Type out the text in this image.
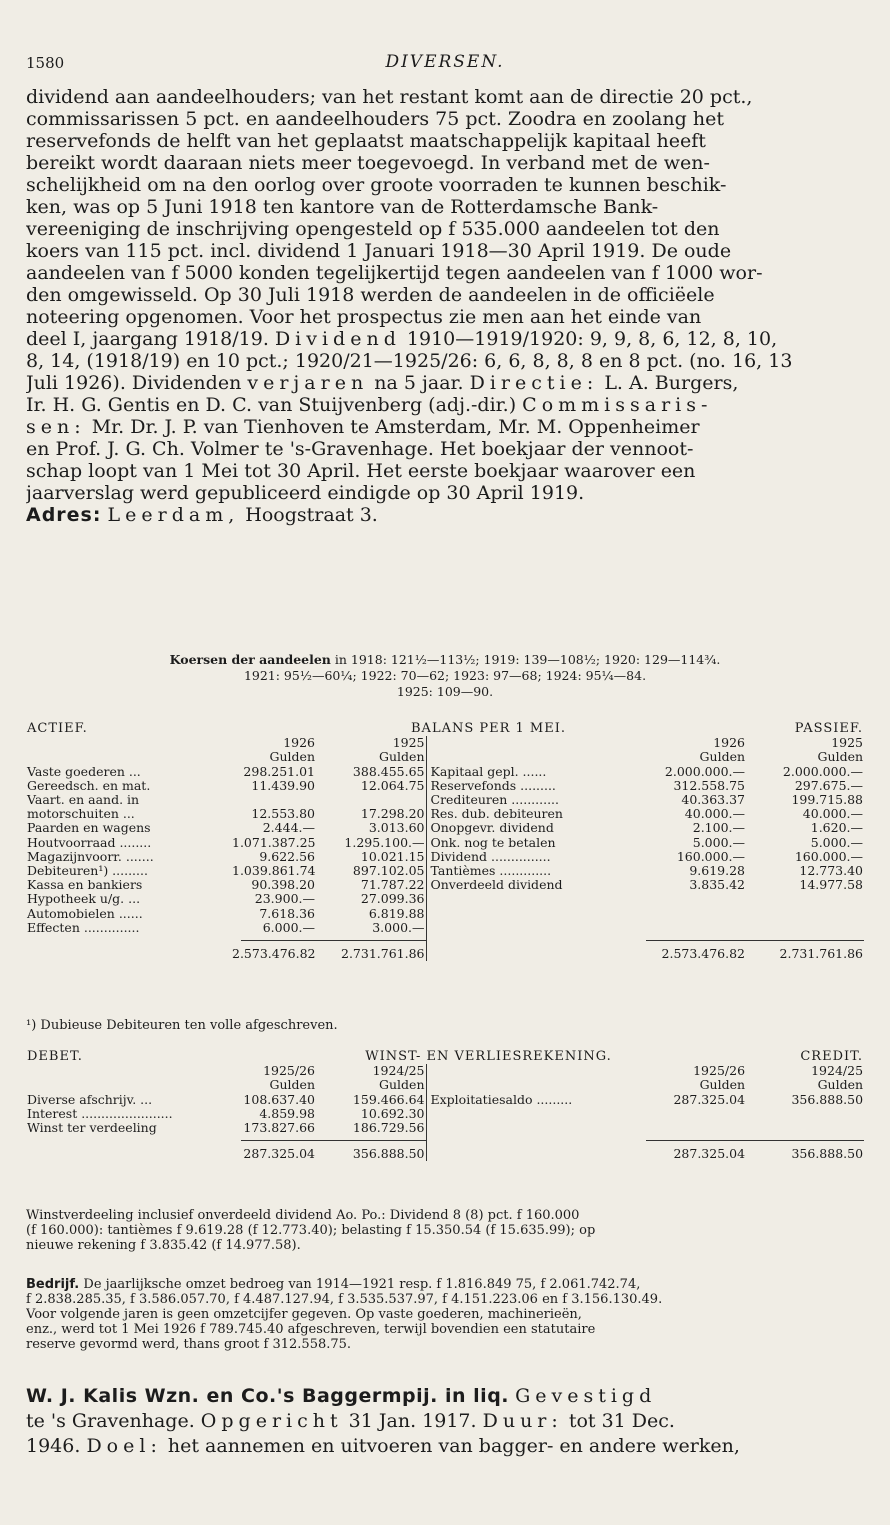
1580	DIVERSEN.
dividend aan aandeelhouders; van het restant komt aan de directie 20 pct.,
commissarissen 5 pct. en aandeelhouders 75 pct. Zoodra en zoolang het
reservefonds de helft van het geplaatst maatschappelijk kapitaal heeft
bereikt wordt daaraan niets meer toegevoegd. In verband met de wen-
schelijkheid om na den oorlog over groote voorraden te kunnen beschik-
ken, was op 5 Juni 1918 ten kantore van de Rotterdamsche Bank-
vereeniging de inschrijving opengesteld op f 535.000 aandeelen tot den
koers van 115 pct. incl. dividend 1 Januari 1918—30 April 1919. De oude
aandeelen van f 5000 konden tegelijkertijd tegen aandeelen van f 1000 wor-
den omgewisseld. Op 30 Juli 1918 werden de aandeelen in de officiëele
noteering opgenomen. Voor het prospectus zie men aan het einde van
deel I, jaargang 1918/19. Dividend 1910—1919/1920: 9, 9, 8, 6, 12, 8, 10,
8, 14, (1918/19) en 10 pct.; 1920/21—1925/26: 6, 6, 8, 8, 8 en 8 pct. (no. 16, 13
Juli 1926). Dividenden verjaren na 5 jaar. Directie: L. A. Burgers,
Ir. H. G. Gentis en D. C. van Stuijvenberg (adj.-dir.) Commissaris-
sen: Mr. Dr. J. P. van Tienhoven te Amsterdam, Mr. M. Oppenheimer
en Prof. J. G. Ch. Volmer te 's-Gravenhage. Het boekjaar der vennoot-
schap loopt van 1 Mei tot 30 April. Het eerste boekjaar waarover een
jaarverslag werd gepubliceerd eindigde op 30 April 1919.
Adres: Leerdam, Hoogstraat 3.
Koersen der aandeelen in 1918: 121½—113½; 1919: 139—108½; 1920: 129—114¾.
1921: 95½—60¼; 1922: 70—62; 1923: 97—68; 1924: 95¼—84.
1925: 109—90.
ACTIEF.	BALANS PER 1 MEI.				PASSIEF.
	1926	1925		1926	1925
	Gulden	Gulden		Gulden	Gulden
Vaste goederen ...	298.251.01	388.455.65	Kapitaal gepl. ......	2.000.000.—	2.000.000.—
Gereedsch. en mat.	11.439.90	12.064.75	Reservefonds .........	312.558.75	297.675.—
Vaart. en aand. in			Crediteuren ............	40.363.37	199.715.88
motorschuiten ...	12.553.80	17.298.20	Res. dub. debiteuren	40.000.—	40.000.—
Paarden en wagens	2.444.—	3.013.60	Onopgevr. dividend	2.100.—	1.620.—
Houtvoorraad ........	1.071.387.25	1.295.100.—	Onk. nog te betalen	5.000.—	5.000.—
Magazijnvoorr. .......	9.622.56	10.021.15	Dividend ...............	160.000.—	160.000.—
Debiteuren¹) .........	1.039.861.74	897.102.05	Tantièmes .............	9.619.28	12.773.40
Kassa en bankiers	90.398.20	71.787.22	Onverdeeld dividend	3.835.42	14.977.58
Hypotheek u/g. ...	23.900.—	27.099.36			
Automobielen ......	7.618.36	6.819.88			
Effecten ..............	6.000.—	3.000.—			
	2.573.476.82	2.731.761.86		2.573.476.82	2.731.761.86
DEBET.	WINST- EN VERLIESREKENING.				CREDIT.
	1925/26	1924/25		1925/26	1924/25
	Gulden	Gulden		Gulden	Gulden
Diverse afschrijv. ...	108.637.40	159.466.64	Exploitatiesaldo .........	287.325.04	356.888.50
Interest .......................	4.859.98	10.692.30			
Winst ter verdeeling	173.827.66	186.729.56			
	287.325.04	356.888.50		287.325.04	356.888.50
¹) Dubieuse Debiteuren ten volle afgeschreven.
Winstverdeeling inclusief onverdeeld dividend Ao. Po.: Dividend 8 (8) pct. f 160.000
(f 160.000): tantièmes f 9.619.28 (f 12.773.40); belasting f 15.350.54 (f 15.635.99); op
nieuwe rekening f 3.835.42 (f 14.977.58).
Bedrijf. De jaarlijksche omzet bedroeg van 1914—1921 resp. f 1.816.849 75, f 2.061.742.74,
f 2.838.285.35, f 3.586.057.70, f 4.487.127.94, f 3.535.537.97, f 4.151.223.06 en f 3.156.130.49.
Voor volgende jaren is geen omzetcijfer gegeven. Op vaste goederen, machinerieën,
enz., werd tot 1 Mei 1926 f 789.745.40 afgeschreven, terwijl bovendien een statutaire
reserve gevormd werd, thans groot f 312.558.75.
W. J. Kalis Wzn. en Co.'s Baggermpij. in liq. Gevestigd
te 's Gravenhage. Opgericht 31 Jan. 1917. Duur: tot 31 Dec.
1946. Doel: het aannemen en uitvoeren van bagger- en andere werken,
